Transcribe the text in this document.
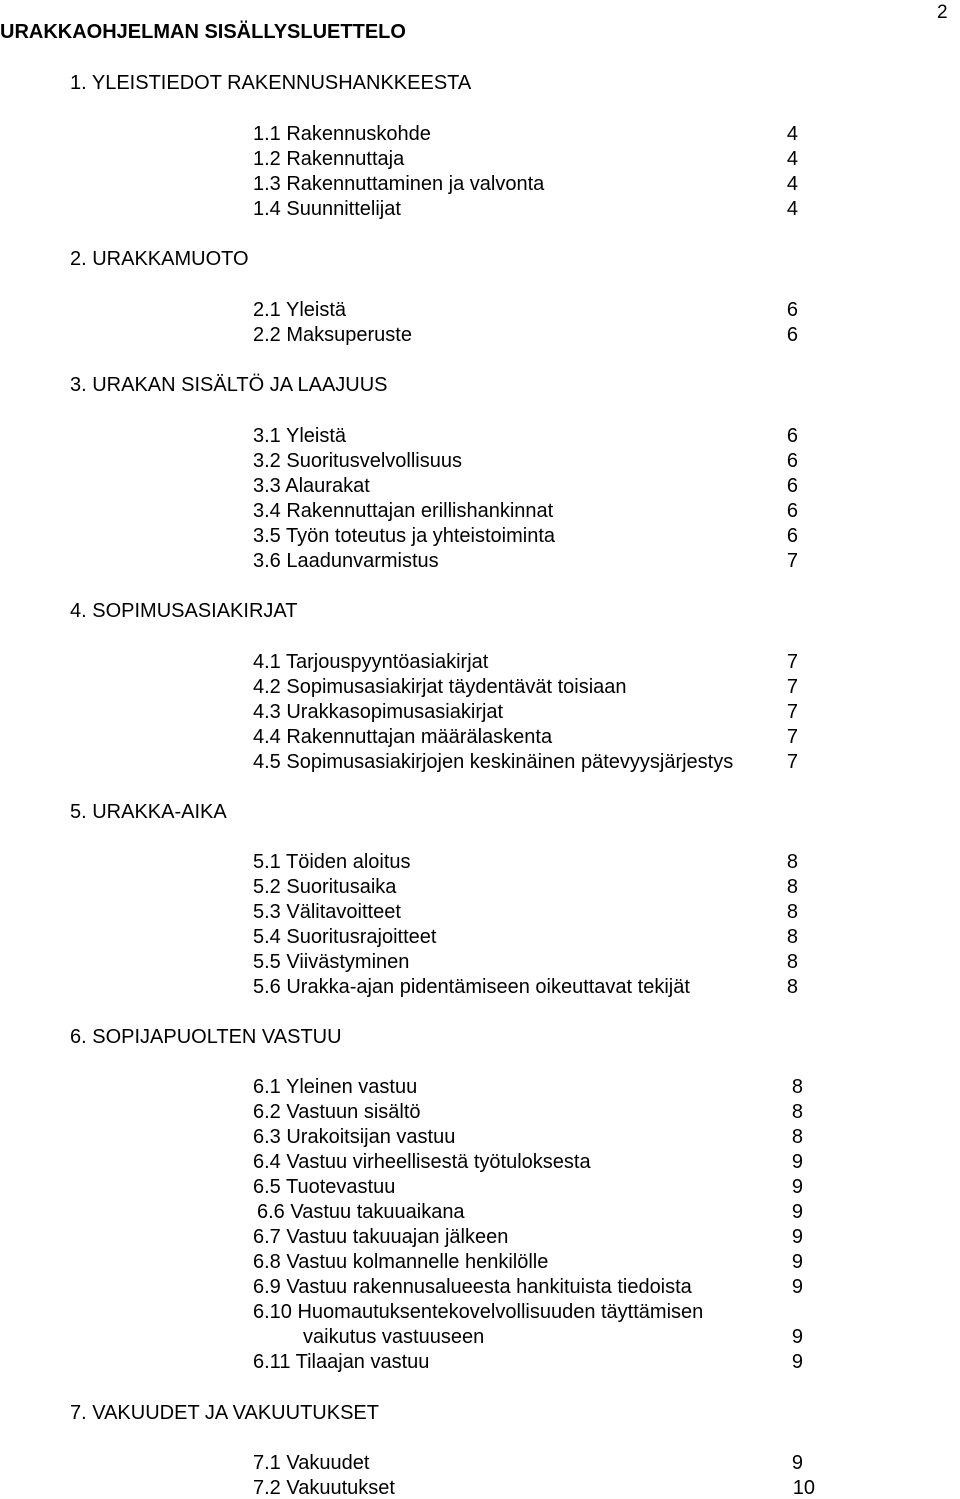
2
URAKKAOHJELMAN SISÄLLYSLUETTELO
1. YLEISTIEDOT RAKENNUSHANKKEESTA
1.1 Rakennuskohde	4
1.2 Rakennuttaja	4
1.3 Rakennuttaminen ja valvonta	4
1.4 Suunnittelijat	4
2. URAKKAMUOTO
2.1 Yleistä	6
2.2 Maksuperuste	6
3. URAKAN SISÄLTÖ JA LAAJUUS
3.1 Yleistä	6
3.2 Suoritusvelvollisuus	6
3.3 Alaurakat	6
3.4 Rakennuttajan erillishankinnat	6
3.5 Työn toteutus ja yhteistoiminta	6
3.6 Laadunvarmistus	7
4. SOPIMUSASIAKIRJAT
4.1 Tarjouspyyntöasiakirjat	7
4.2 Sopimusasiakirjat täydentävät toisiaan	7
4.3 Urakkasopimusasiakirjat	7
4.4 Rakennuttajan määrälaskenta	7
4.5 Sopimusasiakirjojen keskinäinen pätevyysjärjestys	7
5. URAKKA-AIKA
5.1 Töiden aloitus	8
5.2 Suoritusaika	8
5.3 Välitavoitteet	8
5.4 Suoritusrajoitteet	8
5.5 Viivästyminen	8
5.6 Urakka-ajan pidentämiseen oikeuttavat tekijät	8
6. SOPIJAPUOLTEN VASTUU
6.1 Yleinen vastuu	8
6.2 Vastuun sisältö	8
6.3 Urakoitsijan vastuu	8
6.4 Vastuu virheellisestä työtuloksesta	9
6.5 Tuotevastuu	9
6.6 Vastuu takuuaikana	9
6.7 Vastuu takuuajan jälkeen	9
6.8 Vastuu kolmannelle henkilölle	9
6.9 Vastuu rakennusalueesta hankituista tiedoista	9
6.10 Huomautuksentekovelvollisuuden täyttämisen
vaikutus vastuuseen	9
6.11 Tilaajan vastuu	9
7. VAKUUDET JA VAKUUTUKSET
7.1 Vakuudet	9
7.2 Vakuutukset	10
